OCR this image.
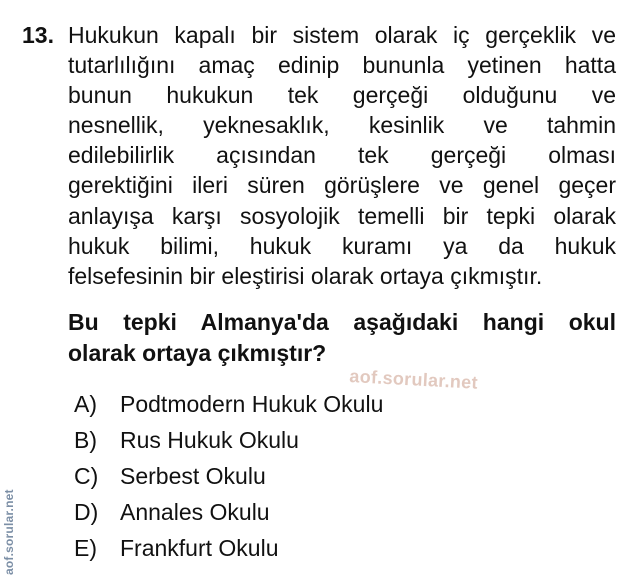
13. Hukukun kapalı bir sistem olarak iç gerçeklik ve
tutarlılığını amaç edinip bununla yetinen hatta
bunun hukukun tek gerçeği olduğunu ve
nesnellik, yeknesaklık, kesinlik ve tahmin
edilebilirlik açısından tek gerçeği olması
gerektiğini ileri süren görüşlere ve genel geçer
anlayışa karşı sosyolojik temelli bir tepki olarak
hukuk bilimi, hukuk kuramı ya da hukuk
felsefesinin bir eleştirisi olarak ortaya çıkmıştır.
Bu tepki Almanya'da aşağıdaki hangi okul
olarak ortaya çıkmıştır?
aof.sorular.net
A) Podtmodern Hukuk Okulu
B) Rus Hukuk Okulu
C) Serbest Okulu
D) Annales Okulu
E) Frankfurt Okulu
aof.sorular.net
